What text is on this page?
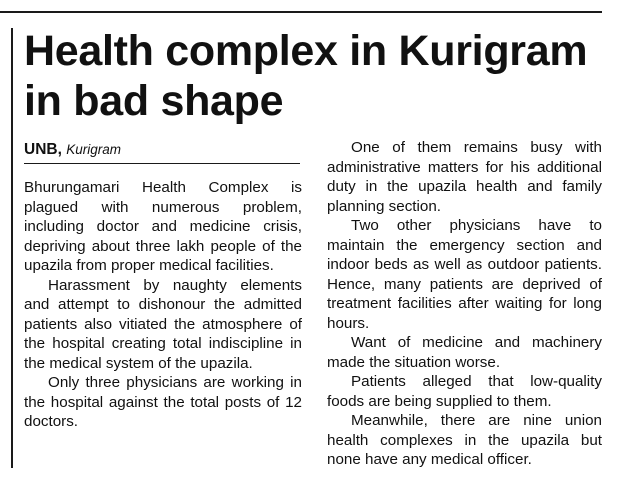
Health complex in Kurigram
in bad shape
UNB, Kurigram

Bhurungamari Health Complex is plagued with numerous problem, including doctor and medicine crisis, depriving about three lakh people of the upazila from proper medical facilities.

Harassment by naughty elements and attempt to dishonour the admitted patients also vitiated the atmosphere of the hospital creating total indiscipline in the medical system of the upazila.

Only three physicians are working in the hospital against the total posts of 12 doctors.

One of them remains busy with administrative matters for his additional duty in the upazila health and family planning section.

Two other physicians have to maintain the emergency section and indoor beds as well as outdoor patients. Hence, many patients are deprived of treatment facilities after waiting for long hours.

Want of medicine and machinery made the situation worse.

Patients alleged that low-quality foods are being supplied to them.

Meanwhile, there are nine union health complexes in the upazila but none have any medical officer.
